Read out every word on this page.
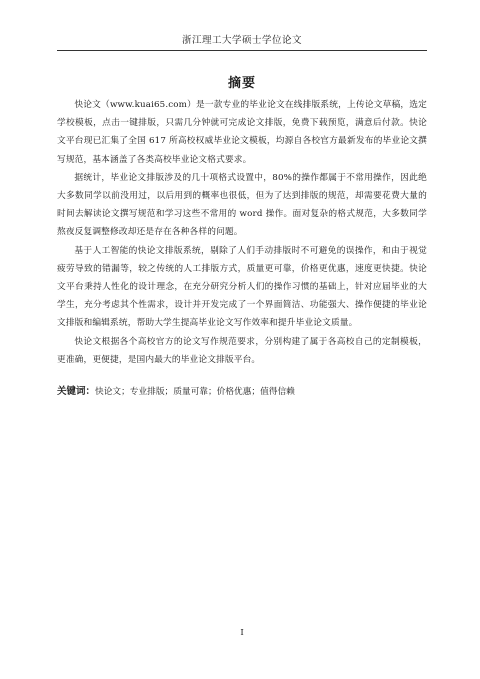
浙江理工大学硕士学位论文
摘要

快论文（www.kuai65.com）是一款专业的毕业论文在线排版系统，上传论文草稿，选定学校模板，点击一键排版，只需几分钟就可完成论文排版，免费下载预览，满意后付款。快论文平台现已汇集了全国 617 所高校权威毕业论文模板，均源自各校官方最新发布的毕业论文撰写规范，基本涵盖了各类高校毕业论文格式要求。

据统计，毕业论文排版涉及的几十项格式设置中，80%的操作都属于不常用操作，因此绝大多数同学以前没用过，以后用到的概率也很低，但为了达到排版的规范，却需要花费大量的时间去解读论文撰写规范和学习这些不常用的 word 操作。面对复杂的格式规范，大多数同学熬夜反复调整修改却还是存在各种各样的问题。

基于人工智能的快论文排版系统，剔除了人们手动排版时不可避免的误操作，和由于视觉疲劳导致的错漏等，较之传统的人工排版方式，质量更可靠，价格更优惠，速度更快捷。快论文平台秉持人性化的设计理念，在充分研究分析人们的操作习惯的基础上，针对应届毕业的大学生，充分考虑其个性需求，设计并开发完成了一个界面简洁、功能强大、操作便捷的毕业论文排版和编辑系统，帮助大学生提高毕业论文写作效率和提升毕业论文质量。

快论文根据各个高校官方的论文写作规范要求，分别构建了属于各高校自己的定制模板，更准确，更便捷，是国内最大的毕业论文排版平台。

关键词：快论文；专业排版；质量可靠；价格优惠；值得信赖

I
